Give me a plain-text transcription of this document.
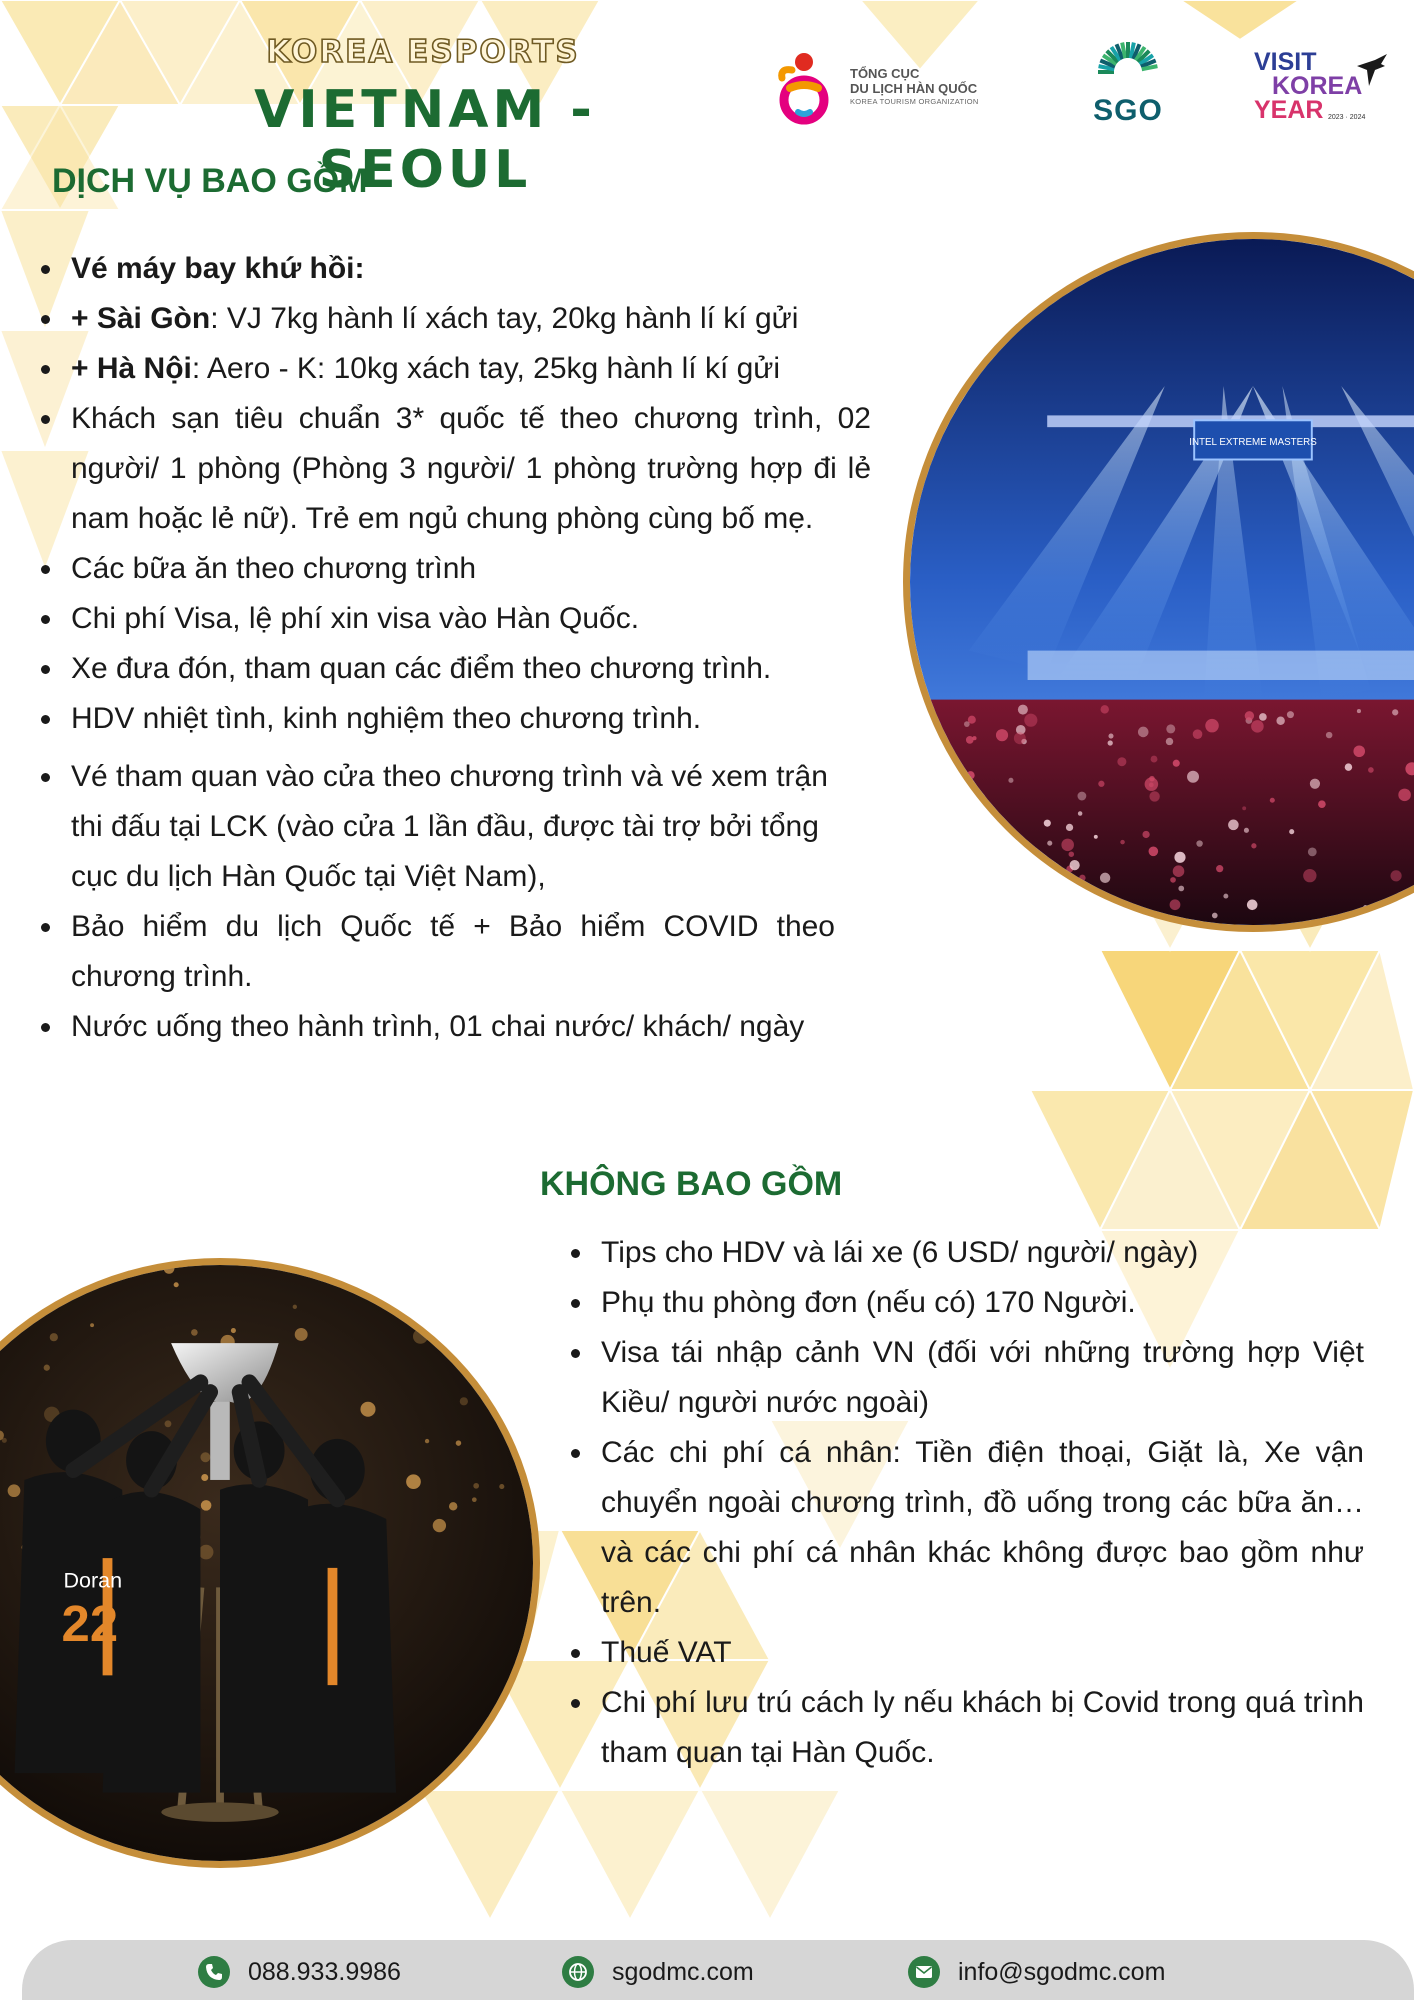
KOREA ESPORTS
VIETNAM - SEOUL
TỔNG CỤC
DU LỊCH HÀN QUỐC
KOREA TOURISM ORGANIZATION	SGO
VISIT
KOREA
YEAR 2023 · 2024
DỊCH VỤ BAO GỒM
Vé máy bay khứ hồi:
+ Sài Gòn: VJ 7kg hành lí xách tay, 20kg hành lí kí gửi
+ Hà Nội: Aero - K: 10kg xách tay, 25kg hành lí kí gửi
Khách sạn tiêu chuẩn 3* quốc tế theo chương trình, 02 người/ 1 phòng (Phòng 3 người/ 1 phòng trường hợp đi lẻ nam hoặc lẻ nữ). Trẻ em ngủ chung phòng cùng bố mẹ.
Các bữa ăn theo chương trình
Chi phí Visa, lệ phí xin visa vào Hàn Quốc.
Xe đưa đón, tham quan các điểm theo chương trình.
HDV nhiệt tình, kinh nghiệm theo chương trình.
Vé tham quan vào cửa theo chương trình và vé xem trận thi đấu tại LCK (vào cửa 1 lần đầu, được tài trợ bởi tổng cục du lịch Hàn Quốc tại Việt Nam),
Bảo hiểm du lịch Quốc tế + Bảo hiểm COVID theo chương trình.
Nước uống theo hành trình, 01 chai nước/ khách/ ngày
KHÔNG BAO GỒM
Tips cho HDV và lái xe (6 USD/ người/ ngày)
Phụ thu phòng đơn (nếu có) 170 Người.
Visa tái nhập cảnh VN (đối với những trường hợp Việt Kiều/ người nước ngoài)
Các chi phí cá nhân: Tiền điện thoại, Giặt là, Xe vận chuyển ngoài chương trình, đồ uống trong các bữa ăn… và các chi phí cá nhân khác không được bao gồm như trên.
Thuế VAT
Chi phí lưu trú cách ly nếu khách bị Covid trong quá trình tham quan tại Hàn Quốc.
INTEL EXTREME MASTERS
Doran
22
088.933.9986	sgodmc.com	info@sgodmc.com
